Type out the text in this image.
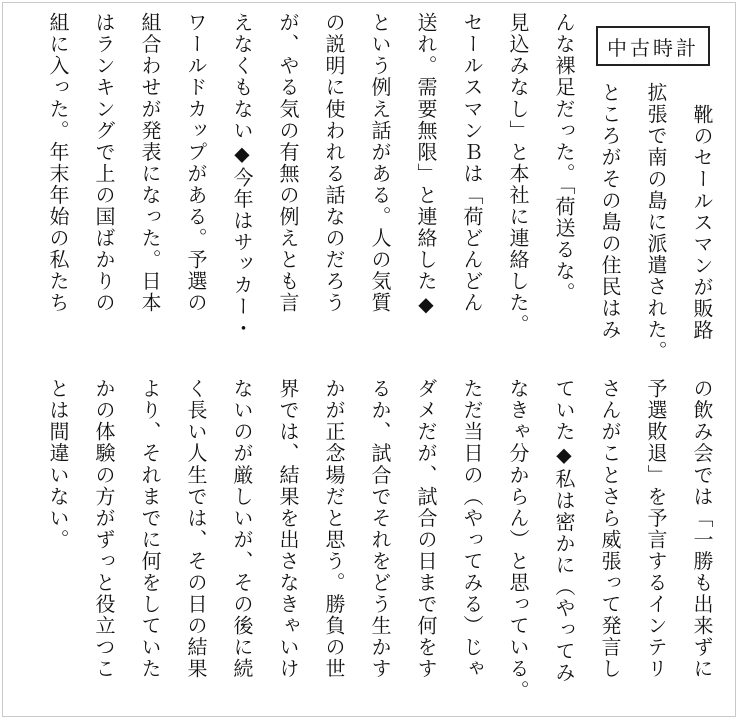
中古時計
靴のセールスマンが販路
拡張で南の島に派遣された。
ところがその島の住民はみ
んな裸足だった。「荷送るな。
見込みなし」と本社に連絡した。
セールスマンＢは「荷どんどん
送れ。需要無限」と連絡した◆
という例え話がある。人の気質
の説明に使われる話なのだろう
が、やる気の有無の例えとも言
えなくもない◆今年はサッカー・
ワールドカップがある。予選の
組合わせが発表になった。日本
はランキングで上の国ばかりの
組に入った。年末年始の私たち
の飲み会では「一勝も出来ずに
予選敗退」を予言するインテリ
さんがことさら威張って発言し
ていた◆私は密かに（やってみ
なきゃ分からん）と思っている。
ただ当日の（やってみる）じゃ
ダメだが、試合の日まで何をす
るか、試合でそれをどう生かす
かが正念場だと思う。勝負の世
界では、結果を出さなきゃいけ
ないのが厳しいが、その後に続
く長い人生では、その日の結果
より、それまでに何をしていた
かの体験の方がずっと役立つこ
とは間違いない。
